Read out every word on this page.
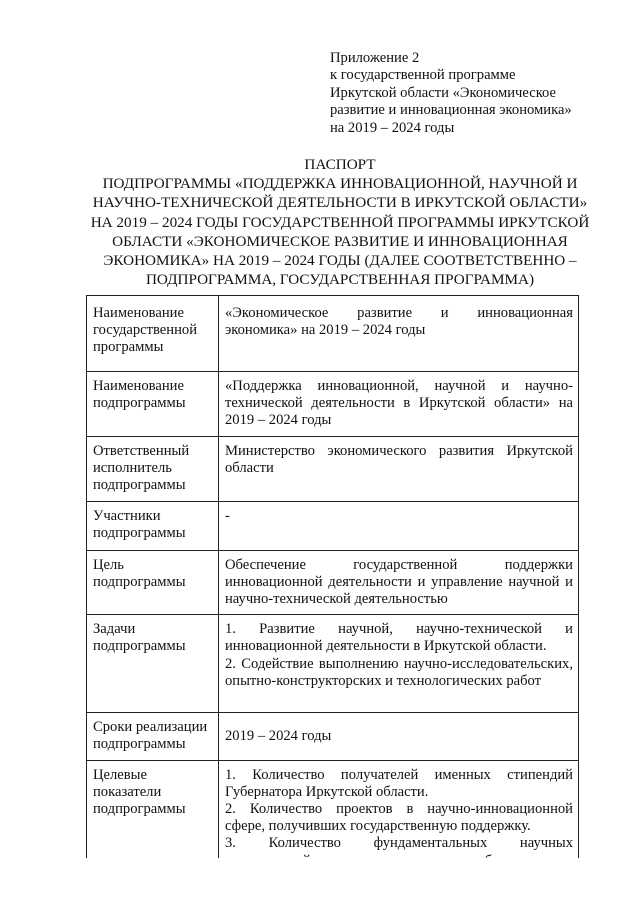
Приложение 2
к государственной программе
Иркутской области «Экономическое
развитие и инновационная экономика»
на 2019 – 2024 годы
ПАСПОРТ
ПОДПРОГРАММЫ «ПОДДЕРЖКА ИННОВАЦИОННОЙ, НАУЧНОЙ И
НАУЧНО-ТЕХНИЧЕСКОЙ ДЕЯТЕЛЬНОСТИ В ИРКУТСКОЙ ОБЛАСТИ»
НА 2019 – 2024 ГОДЫ ГОСУДАРСТВЕННОЙ ПРОГРАММЫ ИРКУТСКОЙ
ОБЛАСТИ «ЭКОНОМИЧЕСКОЕ РАЗВИТИЕ И ИННОВАЦИОННАЯ
ЭКОНОМИКА» НА 2019 – 2024 ГОДЫ (ДАЛЕЕ СООТВЕТСТВЕННО –
ПОДПРОГРАММА, ГОСУДАРСТВЕННАЯ ПРОГРАММА)
Наименование государственной программы	«Экономическое развитие и инновационная экономика» на 2019 – 2024 годы

Наименование подпрограммы	«Поддержка инновационной, научной и научно-технической деятельности в Иркутской области» на 2019 – 2024 годы

Ответственный исполнитель подпрограммы	Министерство экономического развития Иркутской области

Участники подпрограммы	-

Цель подпрограммы	Обеспечение государственной поддержки инновационной деятельности и управление научной и научно-технической деятельностью

Задачи подпрограммы	1. Развитие научной, научно-технической и инновационной деятельности в Иркутской области.

2. Содействие выполнению научно-исследовательских, опытно-конструкторских и технологических работ

Сроки реализации подпрограммы	2019 – 2024 годы

Целевые показатели подпрограммы	1. Количество получателей именных стипендий Губернатора Иркутской области.

2. Количество проектов в научно-инновационной сфере, получивших государственную поддержку.

3. Количество фундаментальных научных
